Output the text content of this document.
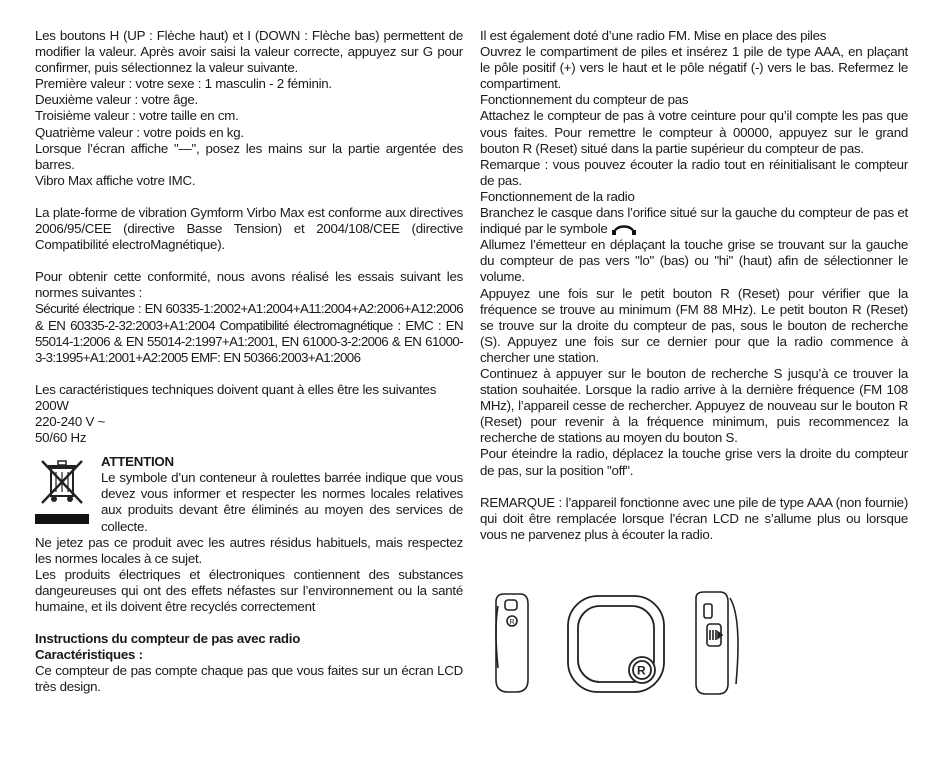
Les boutons H (UP : Flèche haut) et I (DOWN : Flèche bas) permettent de modifier la valeur. Après avoir saisi la valeur correcte, appuyez sur G pour confirmer, puis sélectionnez la valeur suivante.

Première valeur : votre sexe : 1 masculin - 2 féminin.

Deuxième valeur : votre âge.

Troisième valeur : votre taille en cm.

Quatrième valeur : votre poids en kg.

Lorsque l’écran affiche "—", posez les mains sur la partie argentée des barres.

Vibro Max affiche votre IMC.

La plate-forme de vibration Gymform Virbo Max est conforme aux directives 2006/95/CEE (directive Basse Tension) et 2004/108/CEE (directive Compatibilité electroMagnétique).

Pour obtenir cette conformité, nous avons réalisé les essais suivant les normes suivantes :

Sécurité électrique : EN 60335-1:2002+A1:2004+A11:2004+A2:2006+A12:2006 & EN 60335-2-32:2003+A1:2004 Compatibilité électromagnétique : EMC : EN 55014-1:2006 & EN 55014-2:1997+A1:2001, EN 61000-3-2:2006 & EN 61000-3-3:1995+A1:2001+A2:2005 EMF: EN 50366:2003+A1:2006

Les caractéristiques techniques doivent quant à elles être les suivantes

200W

220-240 V ~

50/60 Hz

ATTENTION

Le symbole d’un conteneur à roulettes barrée indique que vous devez vous informer et respecter les normes locales relatives aux produits devant être éliminés au moyen des services de collecte.

Ne jetez pas ce produit avec les autres résidus habituels, mais respectez les normes locales à ce sujet.

Les produits électriques et électroniques contiennent des substances dangeureuses qui ont des effets néfastes sur l’environnement ou la santé humaine, et ils doivent être recyclés correctement

Instructions du compteur de pas avec radio

Caractéristiques :

Ce compteur de pas compte chaque pas que vous faites sur un écran LCD très design.

Il est également doté d’une radio FM. Mise en place des piles

Ouvrez le compartiment de piles et insérez 1 pile de type AAA, en plaçant le pôle positif (+) vers le haut et le pôle négatif (-) vers le bas. Refermez le compartiment.

Fonctionnement du compteur de pas

Attachez le compteur de pas à votre ceinture pour qu’il compte les pas que vous faites. Pour remettre le compteur à 00000, appuyez sur le grand bouton R (Reset) situé dans la partie supérieur du compteur de pas.

Remarque : vous pouvez écouter la radio tout en réinitialisant le compteur de pas.

Fonctionnement de la radio

Branchez le casque dans l’orifice situé sur la gauche du compteur de pas et indiqué par le symbole

Allumez l’émetteur en déplaçant la touche grise se trouvant sur la gauche du compteur de pas vers "lo" (bas) ou "hi" (haut) afin de sélectionner le volume.

Appuyez une fois sur le petit bouton R (Reset) pour vérifier que la fréquence se trouve au minimum (FM 88 MHz). Le petit bouton R (Reset) se trouve sur la droite du compteur de pas, sous le bouton de recherche (S). Appuyez une fois sur ce dernier pour que la radio commence à chercher une station.

Continuez à appuyer sur le bouton de recherche S jusqu’à ce trouver la station souhaitée. Lorsque la radio arrive à la dernière fréquence (FM 108 MHz), l’appareil cesse de rechercher. Appuyez de nouveau sur le bouton R (Reset) pour revenir à la fréquence minimum, puis recommencez la recherche de stations au moyen du bouton S.

Pour éteindre la radio, déplacez la touche grise vers la droite du compteur de pas, sur la position "off".

REMARQUE : l’appareil fonctionne avec une pile de type AAA (non fournie) qui doit être remplacée lorsque l’écran LCD ne s’allume plus ou lorsque vous ne parvenez plus à écouter la radio.

R
R
